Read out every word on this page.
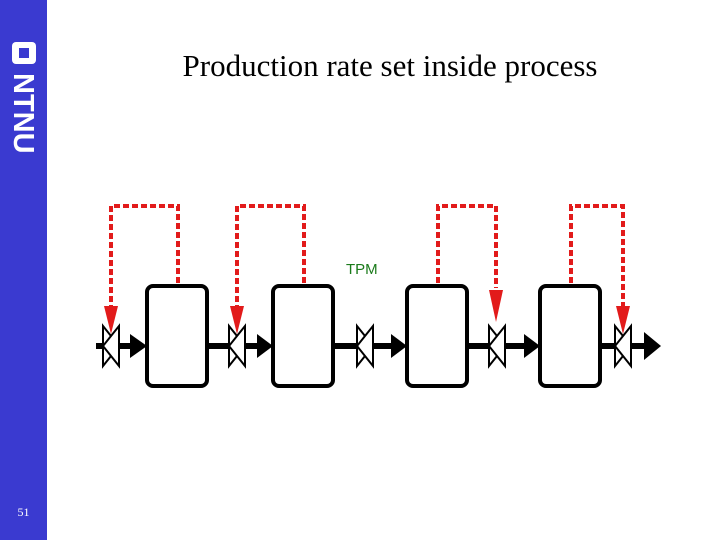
NTNU
51
Production rate set inside process
TPM
